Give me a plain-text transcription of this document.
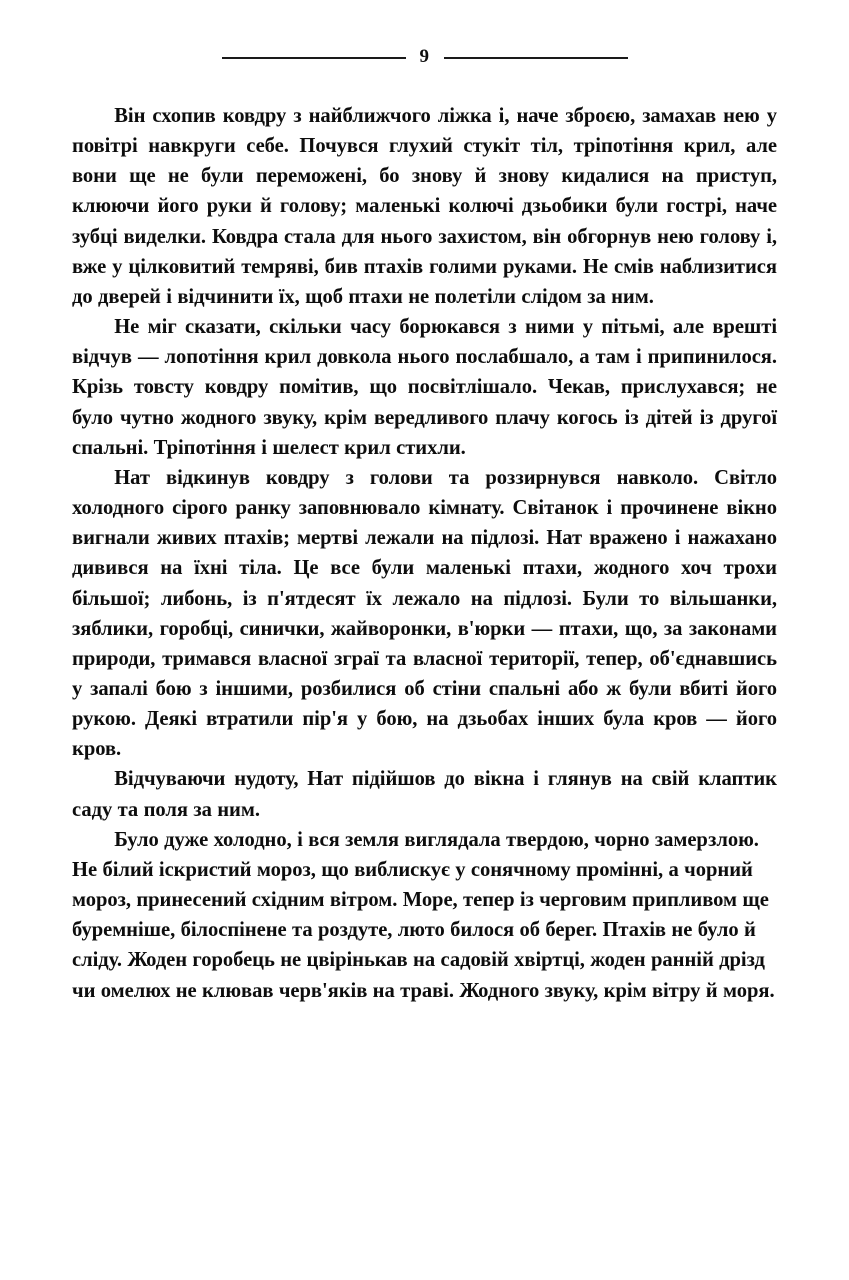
9

Він схопив ковдру з найближчого ліжка і, наче зброєю, замахав нею у повітрі навкруги себе. Почувся глухий стукіт тіл, тріпотіння крил, але вони ще не були переможені, бо знову й знову кидалися на приступ, клюючи його руки й голову; маленькі колючі дзьобики були гострі, наче зубці виделки. Ковдра стала для нього захистом, він обгорнув нею голову і, вже у цілковитий темряві, бив птахів голими руками. Не смів наблизитися до дверей і відчинити їх, щоб птахи не полетіли слідом за ним.

Не міг сказати, скільки часу борюкався з ними у пітьмі, але врешті відчув — лопотіння крил довкола нього послабшало, а там і припинилося. Крізь товсту ковдру помітив, що посвітлішало. Чекав, прислухався; не було чутно жодного звуку, крім вередливого плачу когось із дітей із другої спальні. Тріпотіння і шелест крил стихли.

Нат відкинув ковдру з голови та роззирнувся навколо. Світло холодного сірого ранку заповнювало кімнату. Світанок і прочинене вікно вигнали живих птахів; мертві лежали на підлозі. Нат вражено і нажахано дивився на їхні тіла. Це все були маленькі птахи, жодного хоч трохи більшої; либонь, із п'ятдесят їх лежало на підлозі. Були то вільшанки, зяблики, горобці, синички, жайворонки, в'юрки — птахи, що, за законами природи, тримався власної зграї та власної території, тепер, об'єднавшись у запалі бою з іншими, розбилися об стіни спальні або ж були вбиті його рукою. Деякі втратили пір'я у бою, на дзьобах інших була кров — його кров.

Відчуваючи нудоту, Нат підійшов до вікна і глянув на свій клаптик саду та поля за ним.

Було дуже холодно, і вся земля виглядала твердою, чорно замерзлою. Не білий іскристий мороз, що виблискує у сонячному промінні, а чорний мороз, принесений східним вітром. Море, тепер із черговим припливом ще буремніше, білоспінене та роздуте, люто билося об берег. Птахів не було й сліду. Жоден горобець не цвірінькав на садовій хвіртці, жоден ранній дрізд чи омелюх не клював черв'яків на траві. Жодного звуку, крім вітру й моря.
